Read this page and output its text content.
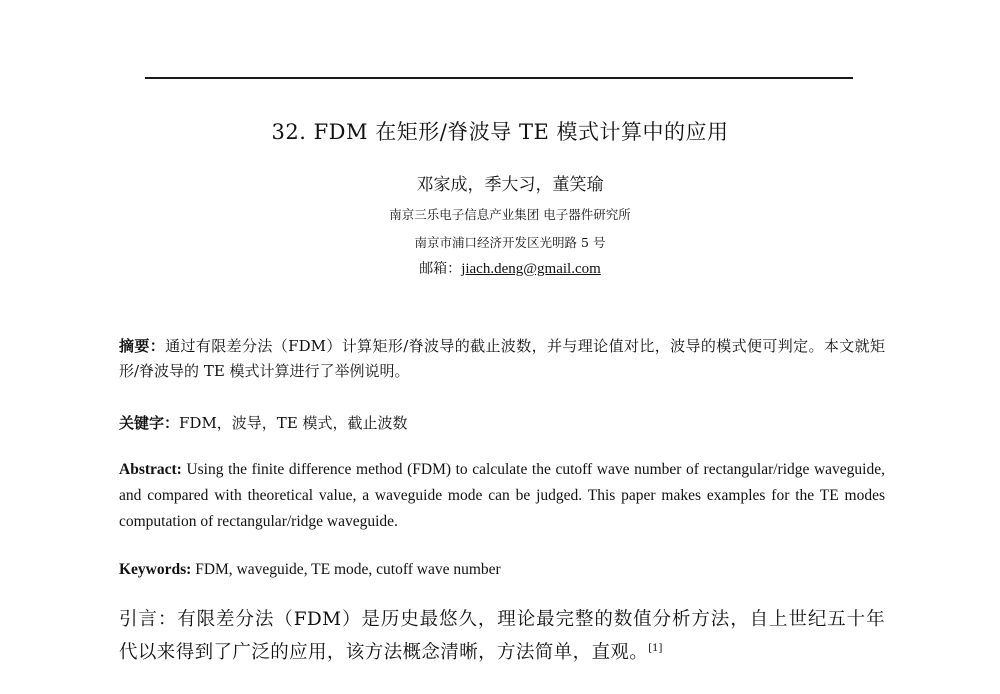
32. FDM 在矩形/脊波导 TE 模式计算中的应用
邓家成，季大习，董笑瑜
南京三乐电子信息产业集团 电子器件研究所
南京市浦口经济开发区光明路 5 号
邮箱：jiach.deng@gmail.com
摘要：通过有限差分法（FDM）计算矩形/脊波导的截止波数，并与理论值对比，波导的模式便可判定。本文就矩形/脊波导的 TE 模式计算进行了举例说明。
关键字：FDM，波导，TE 模式，截止波数
Abstract: Using the finite difference method (FDM) to calculate the cutoff wave number of rectangular/ridge waveguide, and compared with theoretical value, a waveguide mode can be judged. This paper makes examples for the TE modes computation of rectangular/ridge waveguide.
Keywords: FDM, waveguide, TE mode, cutoff wave number
引言：有限差分法（FDM）是历史最悠久，理论最完整的数值分析方法，自上世纪五十年代以来得到了广泛的应用，该方法概念清晰，方法简单，直观。[1]
